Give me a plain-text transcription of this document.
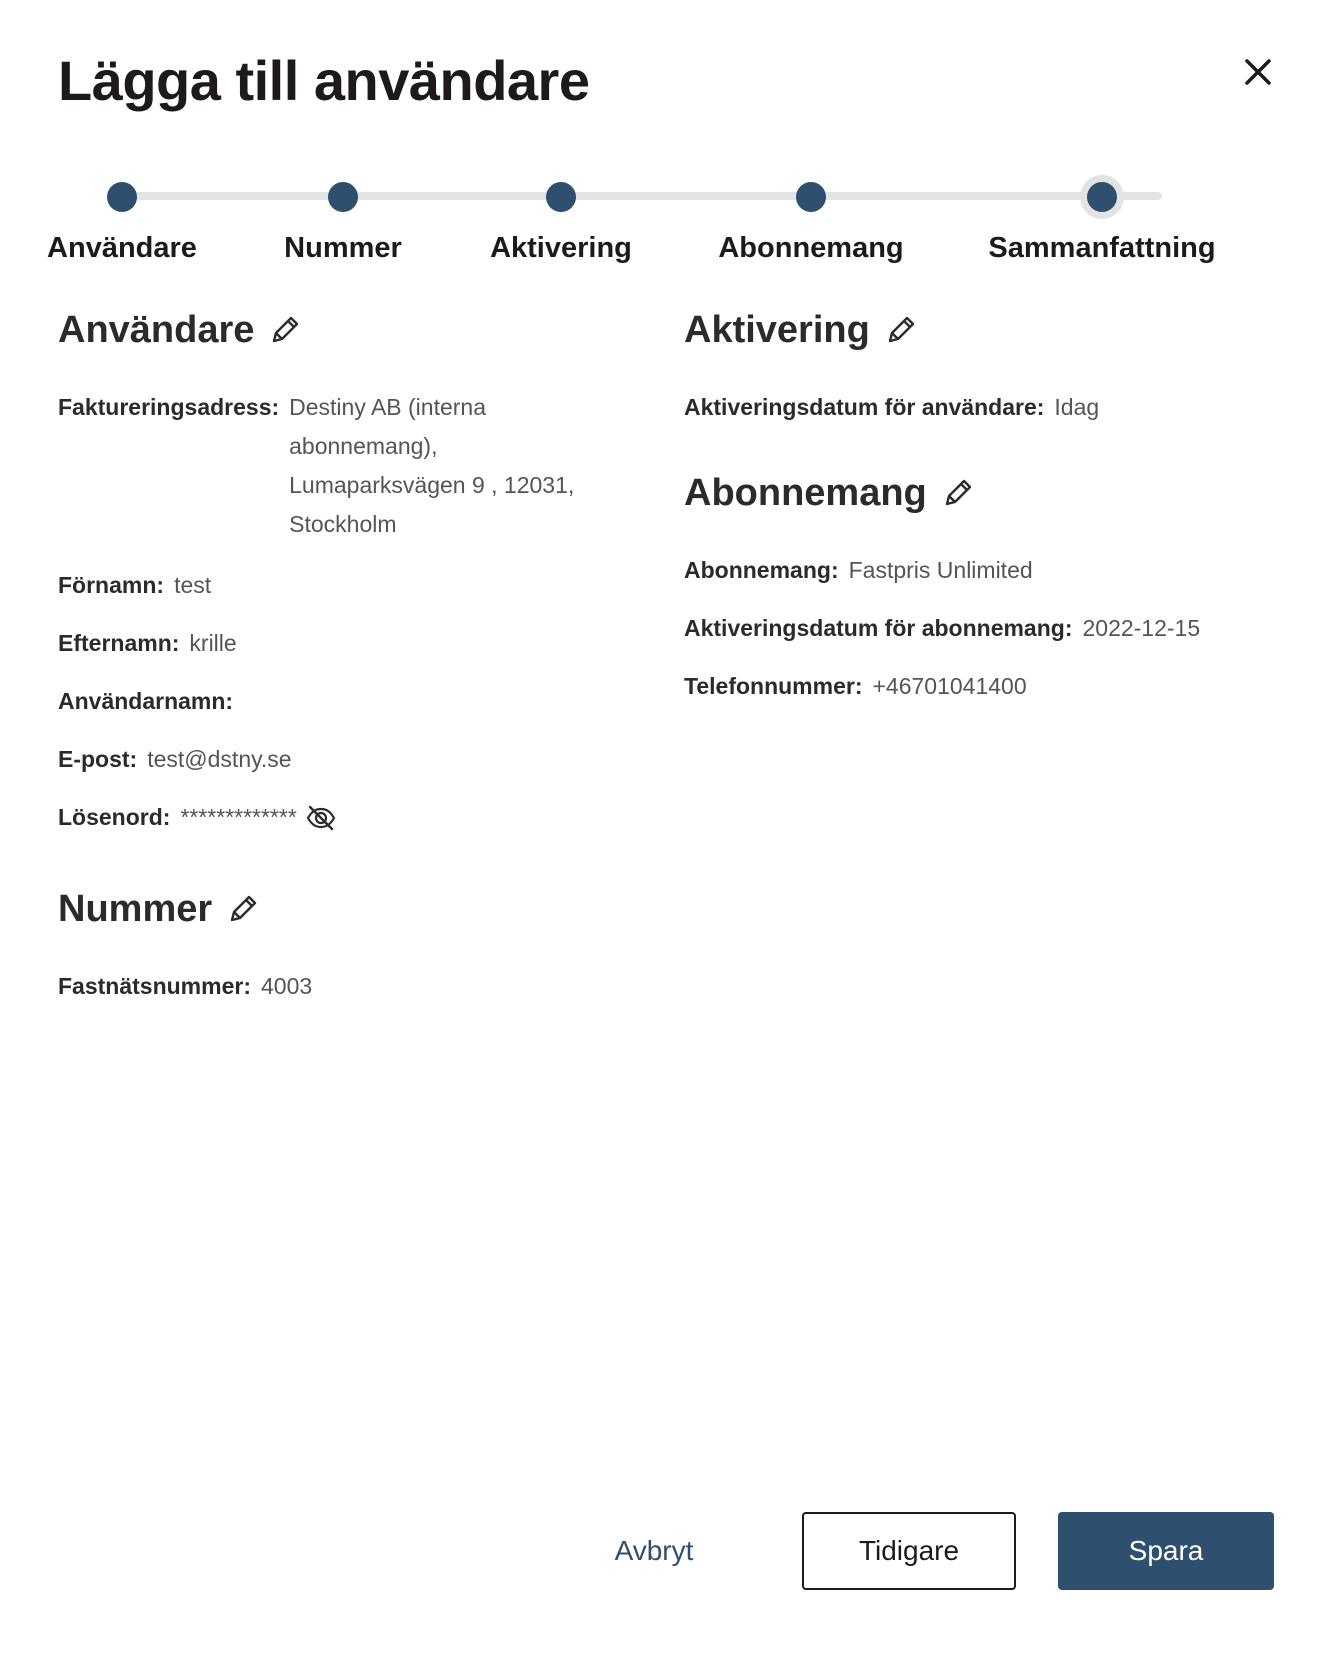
Lägga till användare
Användare	Nummer	Aktivering	Abonnemang	Sammanfattning
Användare
Faktureringsadress: Destiny AB (interna abonnemang), Lumaparksvägen 9 , 12031, Stockholm
Förnamn: test
Efternamn: krille
Användarnamn:
E-post: test@dstny.se
Lösenord: *************
Nummer
Fastnätsnummer: 4003
Aktivering
Aktiveringsdatum för användare: Idag
Abonnemang
Abonnemang: Fastpris Unlimited
Aktiveringsdatum för abonnemang: 2022-12-15
Telefonnummer: +46701041400
Avbryt	Tidigare	Spara
